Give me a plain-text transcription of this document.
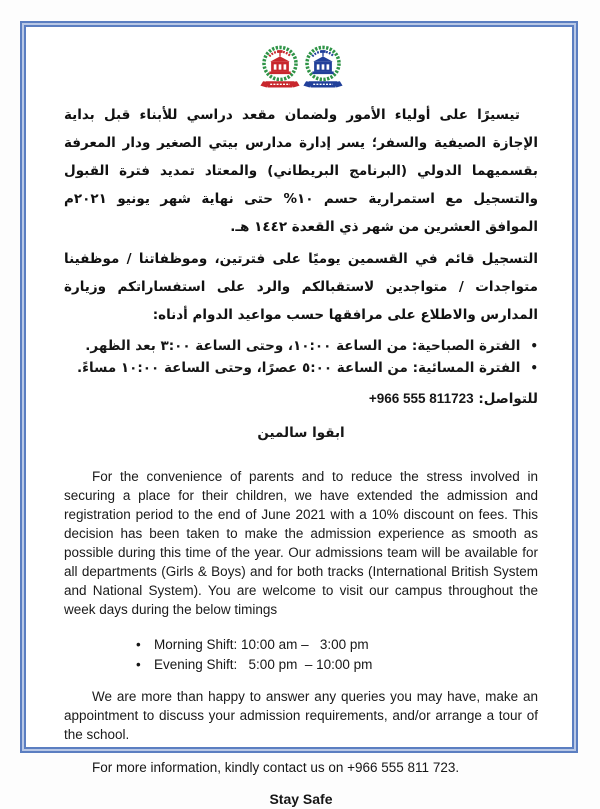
تيسيرًا على أولياء الأمور ولضمان مقعد دراسي للأبناء قبل بداية الإجازة الصيفية والسفر؛ يسر إدارة مدارس بيتي الصغير ودار المعرفة بقسميهما الدولي (البرنامج البريطاني) والمعتاد تمديد فترة القبول والتسجيل مع استمرارية حسم ١٠% حتى نهاية شهر يونيو ٢٠٢١م الموافق العشرين من شهر ذي القعدة ١٤٤٢ هـ.
التسجيل قائم في القسمين يوميًا على فترتين، وموظفاتنا / موظفينا متواجدات / متواجدين لاستقبالكم والرد على استفساراتكم وزيارة المدارس والاطلاع على مرافقها حسب مواعيد الدوام أدناه:
•
الفترة الصباحية: من الساعة ١٠:٠٠، وحتى الساعة ٣:٠٠ بعد الظهر.
•
الفترة المسائية: من الساعة ٥:٠٠ عصرًا، وحتى الساعة ١٠:٠٠ مساءً.
للتواصل: +966 555 811723
ابقوا سالمين
For the convenience of parents and to reduce the stress involved in securing a place for their children, we have extended the admission and registration period to the end of June 2021 with a 10% discount on fees. This decision has been taken to make the admission experience as smooth as possible during this time of the year. Our admissions team will be available for all departments (Girls & Boys) and for both tracks (International British System and National System). You are welcome to visit our campus throughout the week days during the below timings
• Morning Shift: 10:00 am –   3:00 pm
• Evening Shift:   5:00 pm  – 10:00 pm
We are more than happy to answer any queries you may have, make an appointment to discuss your admission requirements, and/or arrange a tour of the school.
For more information, kindly contact us on +966 555 811 723.
Stay Safe
